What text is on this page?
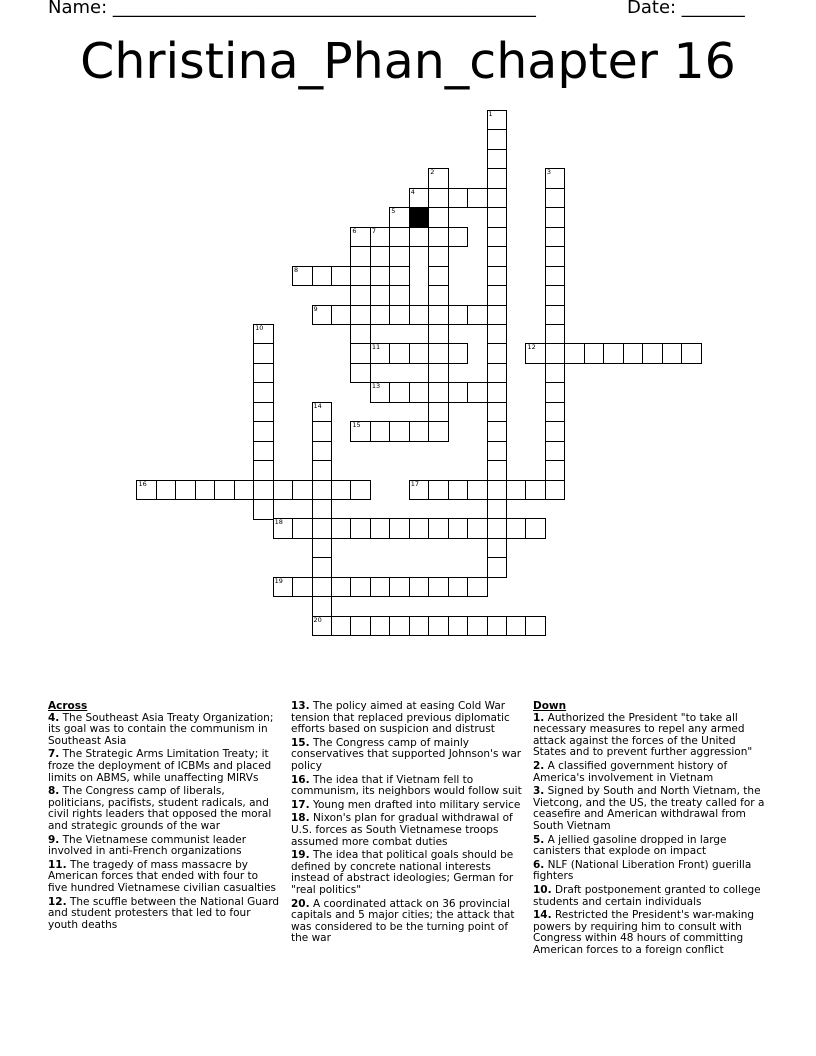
Name: _______________________________________________	Date: _______
Christina_Phan_chapter 16
1
2	3
4
5
6 7
8
9
10
11	12
13
14
15
16	17
18
19
20
Across
4. The Southeast Asia Treaty Organization; its goal was to contain the communism in Southeast Asia
7. The Strategic Arms Limitation Treaty; it froze the deployment of ICBMs and placed limits on ABMS, while unaffecting MIRVs
8. The Congress camp of liberals, politicians, pacifists, student radicals, and civil rights leaders that opposed the moral and strategic grounds of the war
9. The Vietnamese communist leader involved in anti-French organizations
11. The tragedy of mass massacre by American forces that ended with four to five hundred Vietnamese civilian casualties
12. The scuffle between the National Guard and student protesters that led to four youth deaths
13. The policy aimed at easing Cold War tension that replaced previous diplomatic efforts based on suspicion and distrust
15. The Congress camp of mainly conservatives that supported Johnson's war policy
16. The idea that if Vietnam fell to communism, its neighbors would follow suit
17. Young men drafted into military service
18. Nixon's plan for gradual withdrawal of U.S. forces as South Vietnamese troops assumed more combat duties
19. The idea that political goals should be defined by concrete national interests instead of abstract ideologies; German for "real politics"
20. A coordinated attack on 36 provincial capitals and 5 major cities; the attack that was considered to be the turning point of the war
Down
1. Authorized the President "to take all necessary measures to repel any armed attack against the forces of the United States and to prevent further aggression"
2. A classified government history of America's involvement in Vietnam
3. Signed by South and North Vietnam, the Vietcong, and the US, the treaty called for a ceasefire and American withdrawal from South Vietnam
5. A jellied gasoline dropped in large canisters that explode on impact
6. NLF (National Liberation Front) guerilla fighters
10. Draft postponement granted to college students and certain individuals
14. Restricted the President's war-making powers by requiring him to consult with Congress within 48 hours of committing American forces to a foreign conflict
